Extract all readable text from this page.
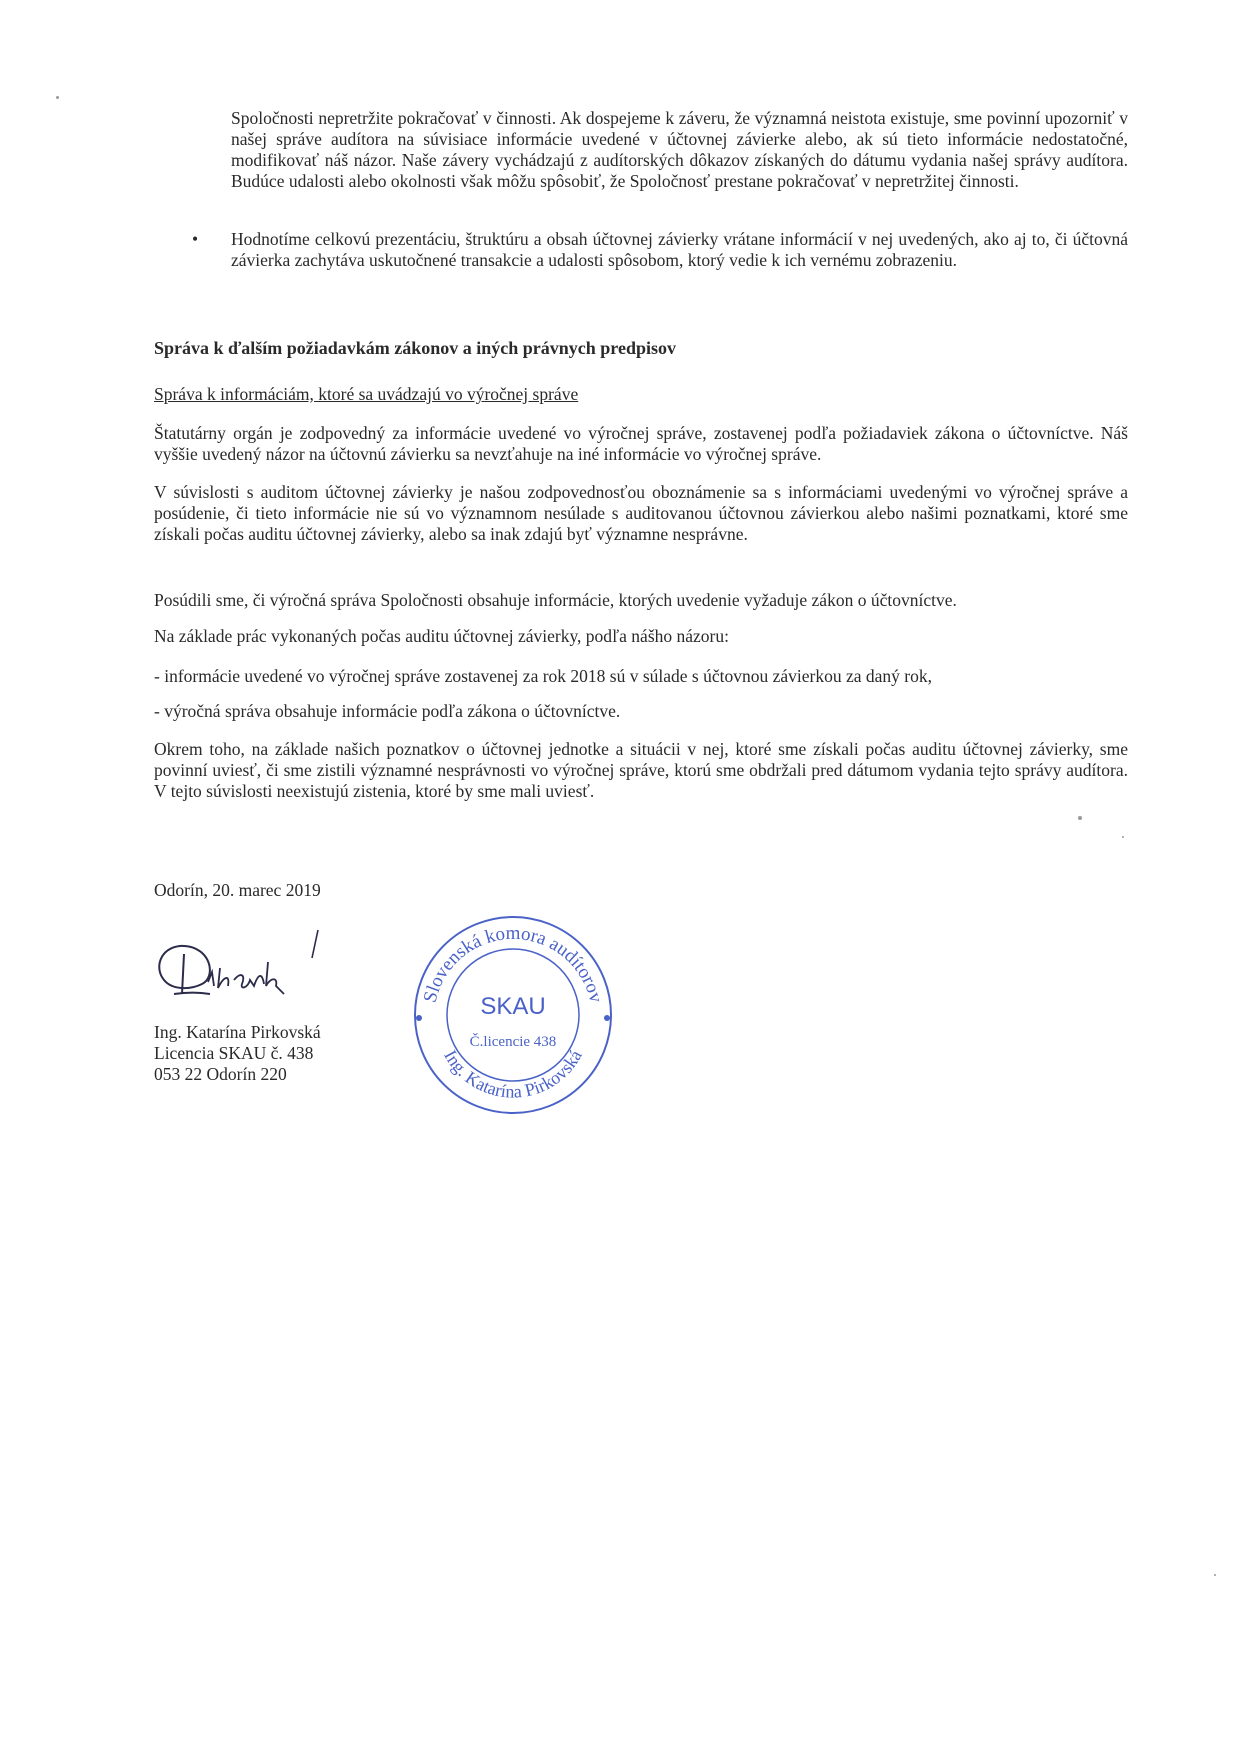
Spoločnosti nepretržite pokračovať v činnosti. Ak dospejeme k záveru, že významná neistota existuje, sme povinní upozorniť v našej správe audítora na súvisiace informácie uvedené v účtovnej závierke alebo, ak sú tieto informácie nedostatočné, modifikovať náš názor. Naše závery vychádzajú z audítorských dôkazov získaných do dátumu vydania našej správy audítora. Budúce udalosti alebo okolnosti však môžu spôsobiť, že Spoločnosť prestane pokračovať v nepretržitej činnosti.
•	Hodnotíme celkovú prezentáciu, štruktúru a obsah účtovnej závierky vrátane informácií v nej uvedených, ako aj to, či účtovná závierka zachytáva uskutočnené transakcie a udalosti spôsobom, ktorý vedie k ich vernému zobrazeniu.
Správa k ďalším požiadavkám zákonov a iných právnych predpisov
Správa k informáciám, ktoré sa uvádzajú vo výročnej správe
Štatutárny orgán je zodpovedný za informácie uvedené vo výročnej správe, zostavenej podľa požiadaviek zákona o účtovníctve. Náš vyššie uvedený názor na účtovnú závierku sa nevzťahuje na iné informácie vo výročnej správe.
V súvislosti s auditom účtovnej závierky je našou zodpovednosťou oboznámenie sa s informáciami uvedenými vo výročnej správe a posúdenie, či tieto informácie nie sú vo významnom nesúlade s auditovanou účtovnou závierkou alebo našimi poznatkami, ktoré sme získali počas auditu účtovnej závierky, alebo sa inak zdajú byť významne nesprávne.
Posúdili sme, či výročná správa Spoločnosti obsahuje informácie, ktorých uvedenie vyžaduje zákon o účtovníctve.
Na základe prác vykonaných počas auditu účtovnej závierky, podľa nášho názoru:
- informácie uvedené vo výročnej správe zostavenej za rok 2018 sú v súlade s účtovnou závierkou za daný rok,
- výročná správa obsahuje informácie podľa zákona o účtovníctve.
Okrem toho, na základe našich poznatkov o účtovnej jednotke a situácii v nej, ktoré sme získali počas auditu účtovnej závierky, sme povinní uviesť, či sme zistili významné nesprávnosti vo výročnej správe, ktorú sme obdržali pred dátumom vydania tejto správy audítora. V tejto súvislosti neexistujú zistenia, ktoré by sme mali uviesť.
Odorín, 20. marec 2019
Ing. Katarína Pirkovská
Licencia SKAU č. 438
053 22 Odorín 220
Slovenská komora audítorov
Ing. Katarína Pirkovská
SKAU
Č.licencie 438
